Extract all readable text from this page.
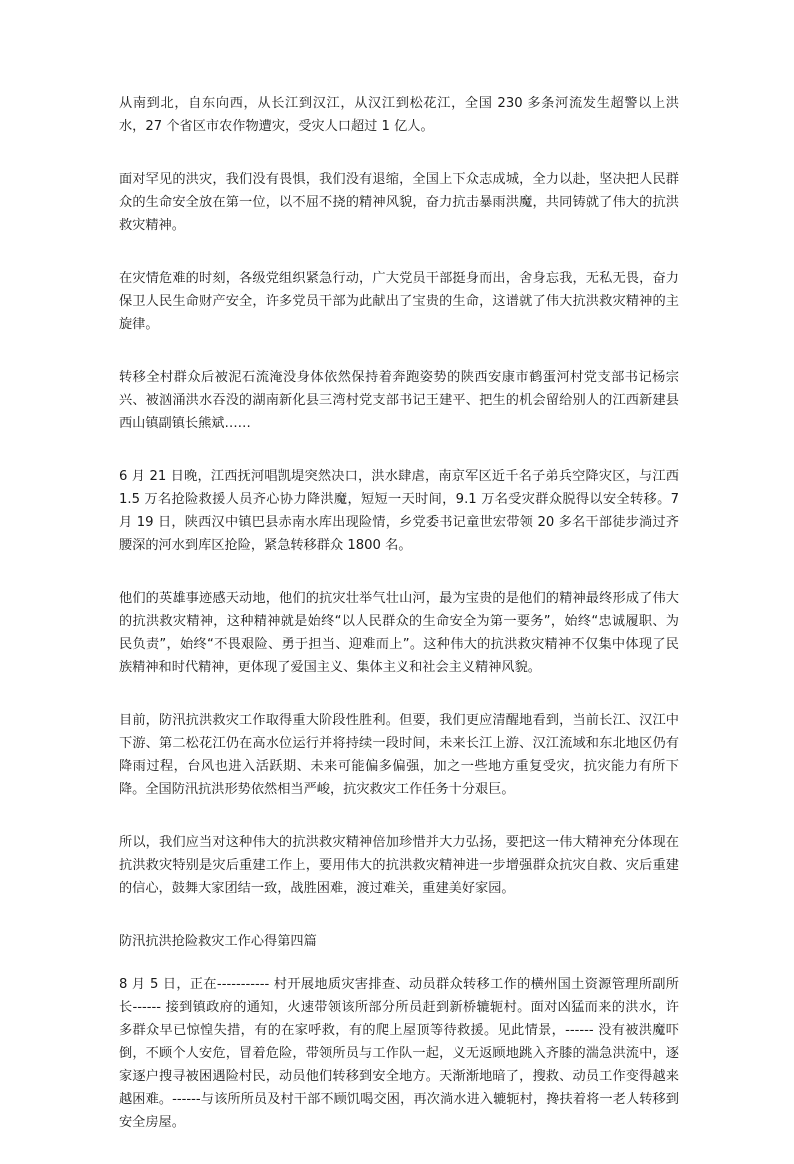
从南到北，自东向西，从长江到汉江，从汉江到松花江，全国 230 多条河流发生超警以上洪水，27 个省区市农作物遭灾，受灾人口超过 1 亿人。

面对罕见的洪灾，我们没有畏惧，我们没有退缩，全国上下众志成城，全力以赴，坚决把人民群众的生命安全放在第一位，以不屈不挠的精神风貌，奋力抗击暴雨洪魔，共同铸就了伟大的抗洪救灾精神。

在灾情危难的时刻，各级党组织紧急行动，广大党员干部挺身而出，舍身忘我，无私无畏，奋力保卫人民生命财产安全，许多党员干部为此献出了宝贵的生命，这谱就了伟大抗洪救灾精神的主旋律。

转移全村群众后被泥石流淹没身体依然保持着奔跑姿势的陕西安康市鹤蛋河村党支部书记杨宗兴、被汹涌洪水吞没的湖南新化县三湾村党支部书记王建平、把生的机会留给别人的江西新建县西山镇副镇长熊斌……

6 月 21 日晚，江西抚河唱凯堤突然决口，洪水肆虐，南京军区近千名子弟兵空降灾区，与江西 1.5 万名抢险救援人员齐心协力降洪魔，短短一天时间，9.1 万名受灾群众脱得以安全转移。7 月 19 日，陕西汉中镇巴县赤南水库出现险情，乡党委书记童世宏带领 20 多名干部徒步淌过齐腰深的河水到库区抢险，紧急转移群众 1800 名。

他们的英雄事迹感天动地，他们的抗灾壮举气壮山河，最为宝贵的是他们的精神最终形成了伟大的抗洪救灾精神，这种精神就是始终“以人民群众的生命安全为第一要务”，始终“忠诚履职、为民负责”，始终“不畏艰险、勇于担当、迎难而上”。这种伟大的抗洪救灾精神不仅集中体现了民族精神和时代精神，更体现了爱国主义、集体主义和社会主义精神风貌。

目前，防汛抗洪救灾工作取得重大阶段性胜利。但要，我们更应清醒地看到，当前长江、汉江中下游、第二松花江仍在高水位运行并将持续一段时间，未来长江上游、汉江流域和东北地区仍有降雨过程，台风也进入活跃期、未来可能偏多偏强，加之一些地方重复受灾，抗灾能力有所下降。全国防汛抗洪形势依然相当严峻，抗灾救灾工作任务十分艰巨。

所以，我们应当对这种伟大的抗洪救灾精神倍加珍惜并大力弘扬，要把这一伟大精神充分体现在抗洪救灾特别是灾后重建工作上，要用伟大的抗洪救灾精神进一步增强群众抗灾自救、灾后重建的信心，鼓舞大家团结一致，战胜困难，渡过难关，重建美好家园。

防汛抗洪抢险救灾工作心得第四篇

8 月 5 日，正在----------- 村开展地质灾害排查、动员群众转移工作的横州国土资源管理所副所长------ 接到镇政府的通知，火速带领该所部分所员赶到新桥辘轭村。面对凶猛而来的洪水，许多群众早已惊惶失措，有的在家呼救，有的爬上屋顶等待救援。见此情景，------ 没有被洪魔吓倒，不顾个人安危，冒着危险，带领所员与工作队一起，义无返顾地跳入齐膝的湍急洪流中，逐家逐户搜寻被困遇险村民，动员他们转移到安全地方。天渐渐地暗了，搜救、动员工作变得越来越困难。------与该所所员及村干部不顾饥喝交困，再次淌水进入辘轭村，搀扶着将一老人转移到安全房屋。
